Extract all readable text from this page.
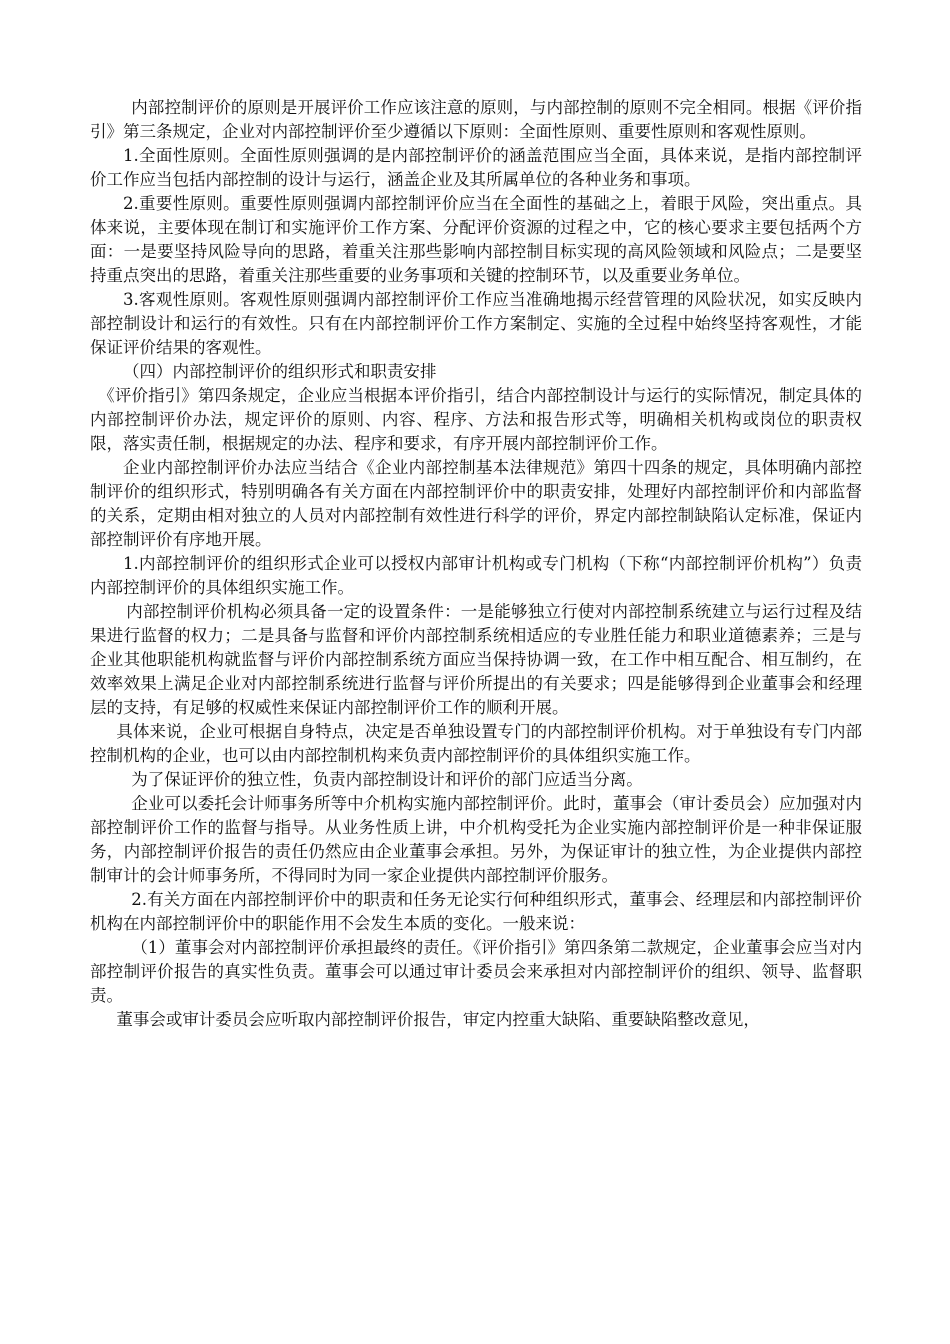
内部控制评价的原则是开展评价工作应该注意的原则，与内部控制的原则不完全相同。根据《评价指引》第三条规定，企业对内部控制评价至少遵循以下原则：全面性原则、重要性原则和客观性原则。

1.全面性原则。全面性原则强调的是内部控制评价的涵盖范围应当全面，具体来说，是指内部控制评价工作应当包括内部控制的设计与运行，涵盖企业及其所属单位的各种业务和事项。

2.重要性原则。重要性原则强调内部控制评价应当在全面性的基础之上，着眼于风险，突出重点。具体来说，主要体现在制订和实施评价工作方案、分配评价资源的过程之中，它的核心要求主要包括两个方面：一是要坚持风险导向的思路，着重关注那些影响内部控制目标实现的高风险领域和风险点；二是要坚持重点突出的思路，着重关注那些重要的业务事项和关键的控制环节，以及重要业务单位。

3.客观性原则。客观性原则强调内部控制评价工作应当准确地揭示经营管理的风险状况，如实反映内部控制设计和运行的有效性。只有在内部控制评价工作方案制定、实施的全过程中始终坚持客观性，才能保证评价结果的客观性。

（四）内部控制评价的组织形式和职责安排

《评价指引》第四条规定，企业应当根据本评价指引，结合内部控制设计与运行的实际情况，制定具体的内部控制评价办法，规定评价的原则、内容、程序、方法和报告形式等，明确相关机构或岗位的职责权限，落实责任制，根据规定的办法、程序和要求，有序开展内部控制评价工作。

企业内部控制评价办法应当结合《企业内部控制基本法律规范》第四十四条的规定，具体明确内部控制评价的组织形式，特别明确各有关方面在内部控制评价中的职责安排，处理好内部控制评价和内部监督的关系，定期由相对独立的人员对内部控制有效性进行科学的评价，界定内部控制缺陷认定标准，保证内部控制评价有序地开展。

1.内部控制评价的组织形式企业可以授权内部审计机构或专门机构（下称“内部控制评价机构”）负责内部控制评价的具体组织实施工作。

内部控制评价机构必须具备一定的设置条件：一是能够独立行使对内部控制系统建立与运行过程及结果进行监督的权力；二是具备与监督和评价内部控制系统相适应的专业胜任能力和职业道德素养；三是与企业其他职能机构就监督与评价内部控制系统方面应当保持协调一致，在工作中相互配合、相互制约，在效率效果上满足企业对内部控制系统进行监督与评价所提出的有关要求；四是能够得到企业董事会和经理层的支持，有足够的权威性来保证内部控制评价工作的顺利开展。

具体来说，企业可根据自身特点，决定是否单独设置专门的内部控制评价机构。对于单独设有专门内部控制机构的企业，也可以由内部控制机构来负责内部控制评价的具体组织实施工作。

为了保证评价的独立性，负责内部控制设计和评价的部门应适当分离。

企业可以委托会计师事务所等中介机构实施内部控制评价。此时，董事会（审计委员会）应加强对内部控制评价工作的监督与指导。从业务性质上讲，中介机构受托为企业实施内部控制评价是一种非保证服务，内部控制评价报告的责任仍然应由企业董事会承担。另外，为保证审计的独立性，为企业提供内部控制审计的会计师事务所，不得同时为同一家企业提供内部控制评价服务。

2.有关方面在内部控制评价中的职责和任务无论实行何种组织形式，董事会、经理层和内部控制评价机构在内部控制评价中的职能作用不会发生本质的变化。一般来说：

（1）董事会对内部控制评价承担最终的责任。《评价指引》第四条第二款规定，企业董事会应当对内部控制评价报告的真实性负责。董事会可以通过审计委员会来承担对内部控制评价的组织、领导、监督职责。

董事会或审计委员会应听取内部控制评价报告，审定内控重大缺陷、重要缺陷整改意见，
